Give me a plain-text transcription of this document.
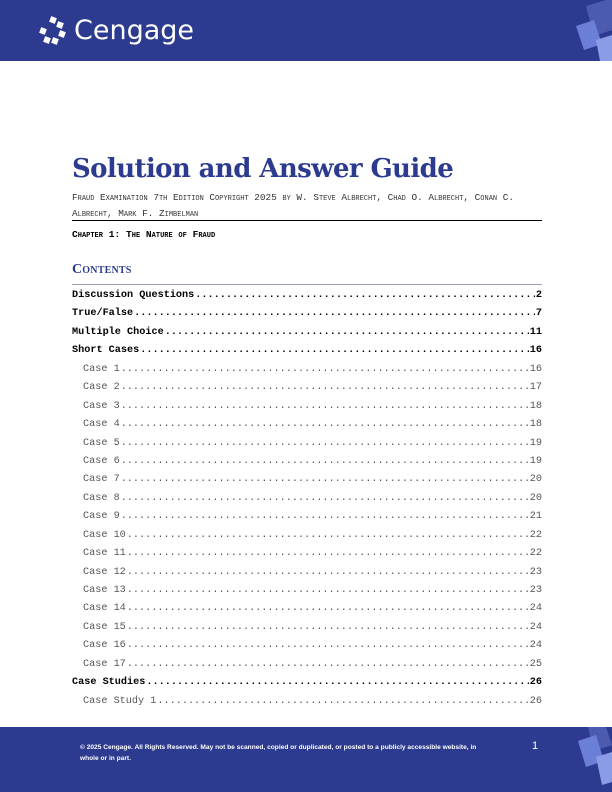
Cengage
Solution and Answer Guide

Fraud Examination 7th Edition Copyright 2025 by W. Steve Albrecht, Chad O. Albrecht, Conan C. Albrecht, Mark F. Zimbelman

Chapter 1: The Nature of Fraud

Contents
Discussion Questions .....	2
True/False .....	7
Multiple Choice .....	11
Short Cases .....	16
Case 1 .....	16
Case 2 .....	17
Case 3 .....	18
Case 4 .....	18
Case 5 .....	19
Case 6 .....	19
Case 7 .....	20
Case 8 .....	20
Case 9 .....	21
Case 10 .....	22
Case 11 .....	22
Case 12 .....	23
Case 13 .....	23
Case 14 .....	24
Case 15 .....	24
Case 16 .....	24
Case 17 .....	25
Case Studies .....	26
Case Study 1 .....	26
© 2025 Cengage. All Rights Reserved. May not be scanned, copied or duplicated, or posted to a publicly accessible website, in whole or in part.
1
